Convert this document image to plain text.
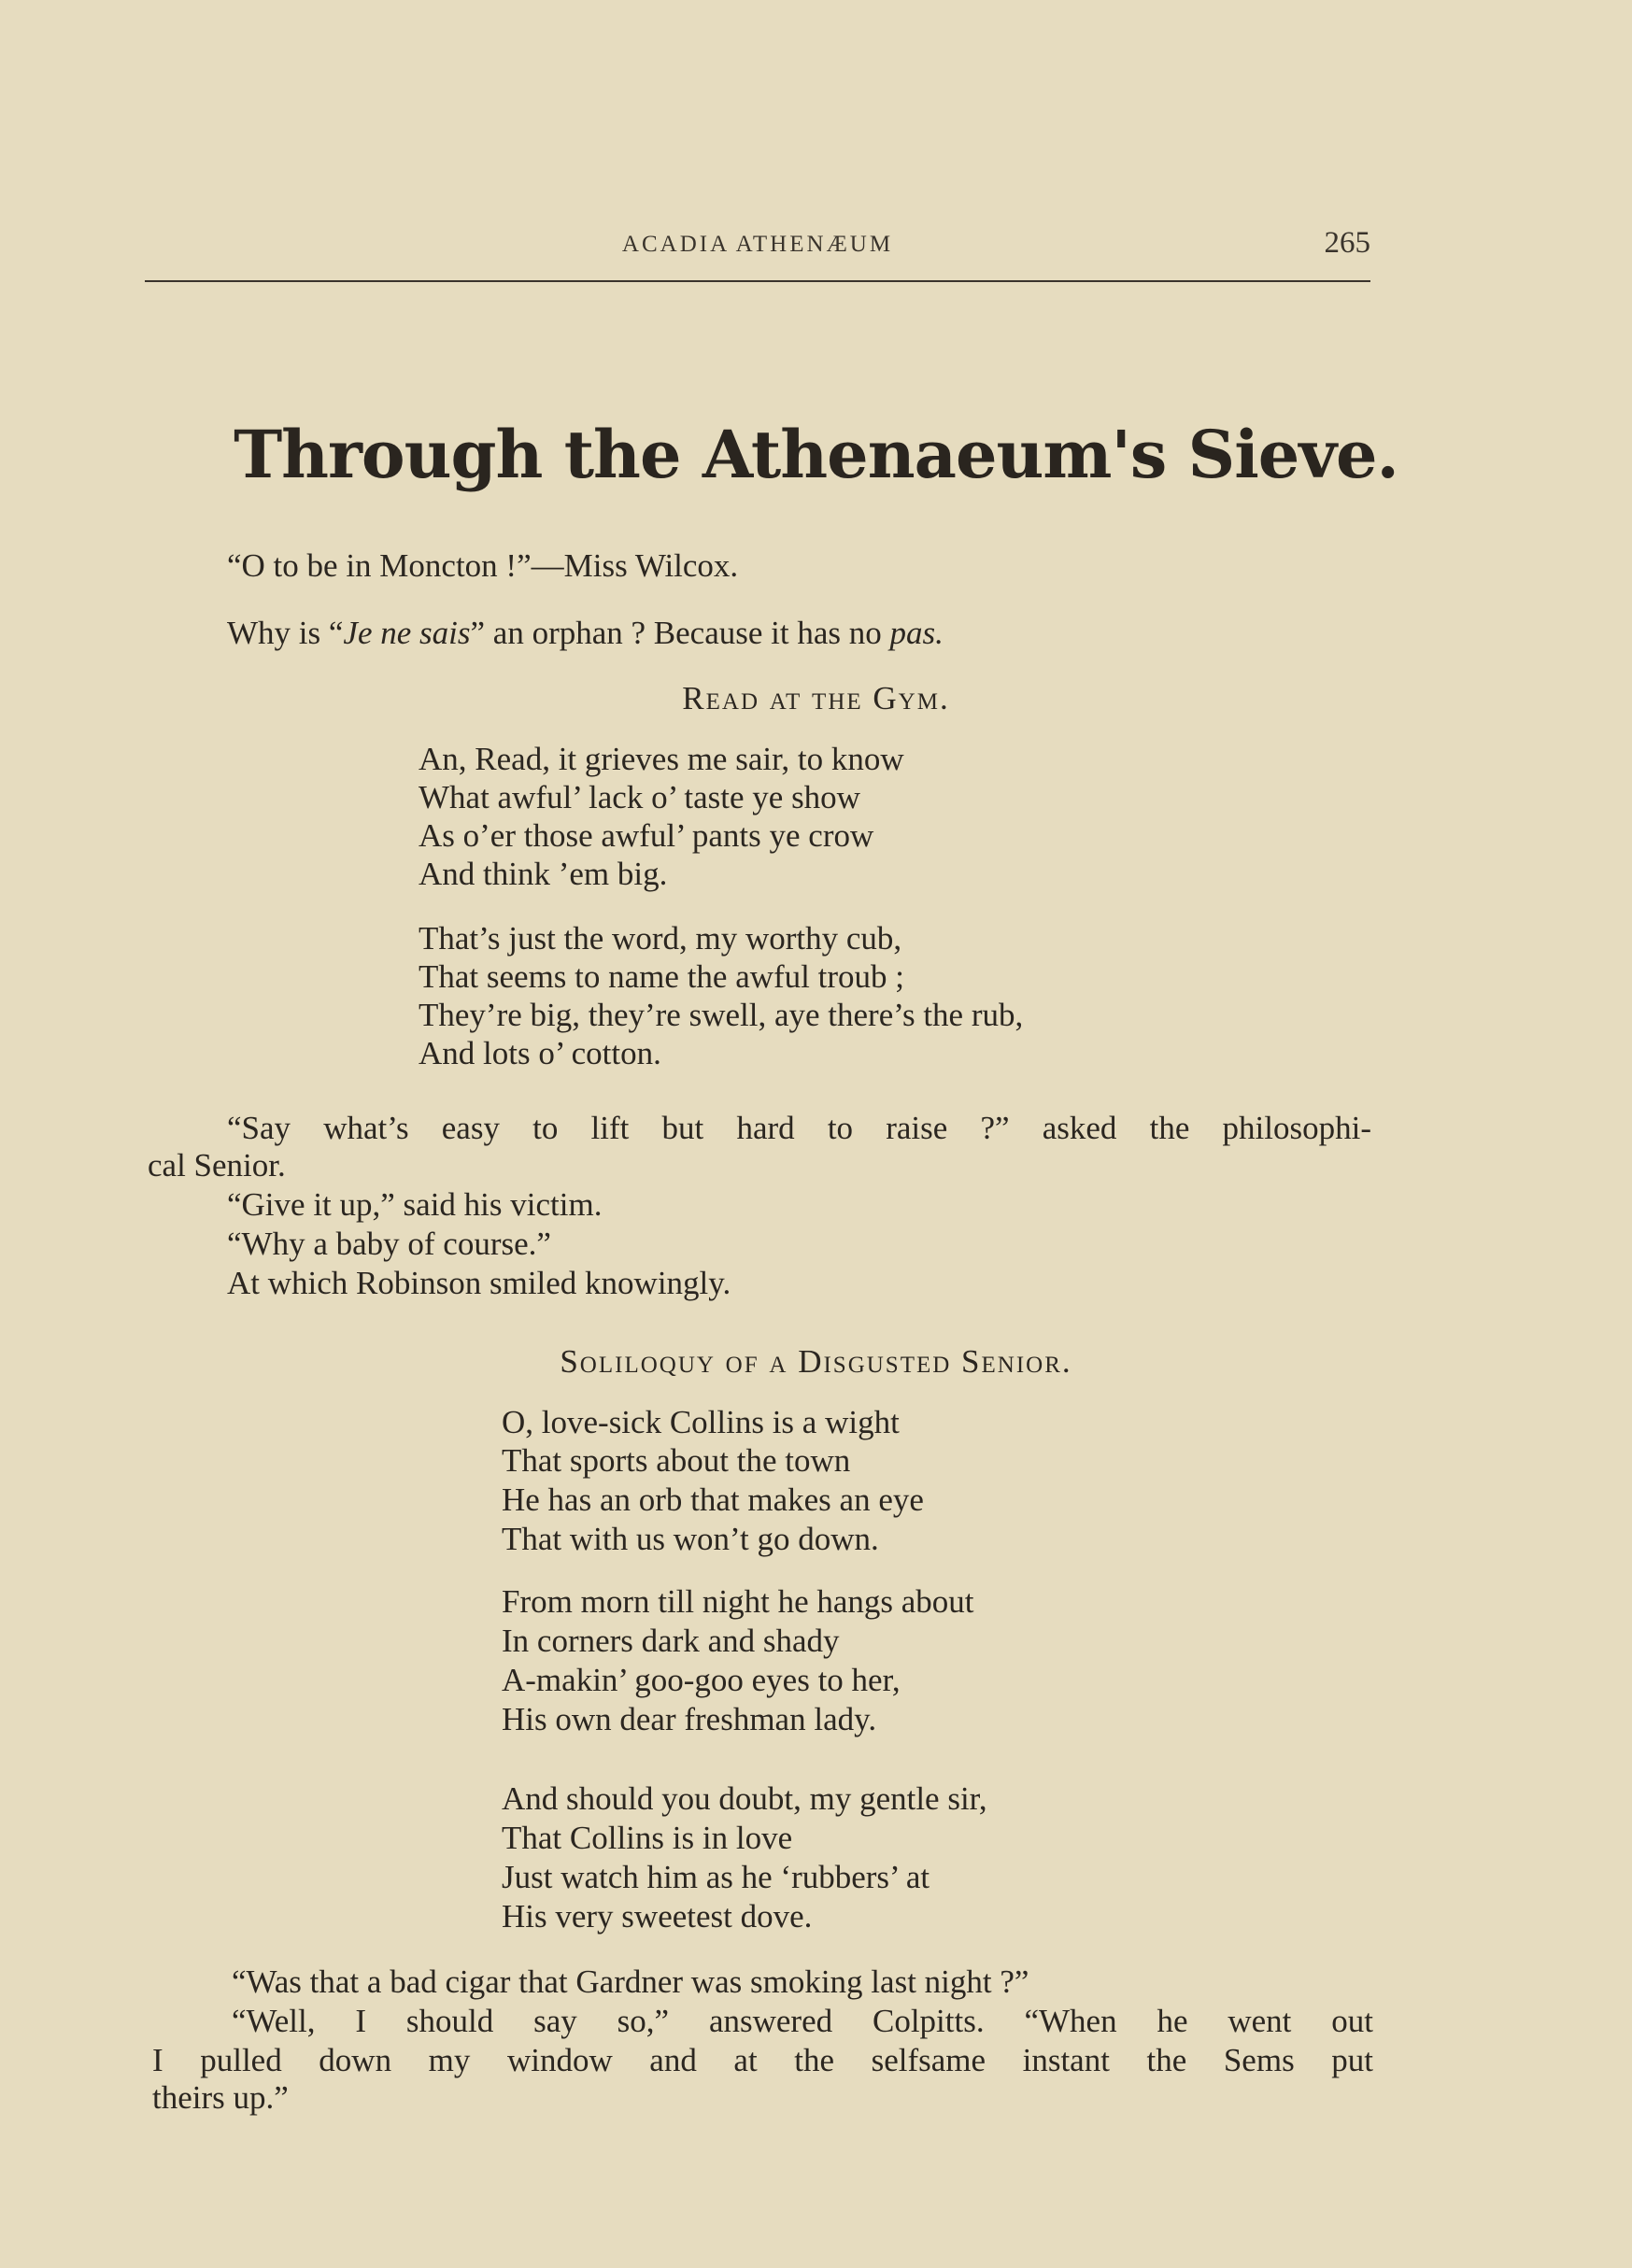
ACADIA ATHENÆUM	265
Through the Athenaeum's Sieve.
“O to be in Moncton !”—Miss Wilcox.
Why is “Je ne sais” an orphan ? Because it has no pas.
Read at the Gym.
An, Read, it grieves me sair, to know
What awful’ lack o’ taste ye show
As o’er those awful’ pants ye crow
And think ’em big.
That’s just the word, my worthy cub,
That seems to name the awful troub ;
They’re big, they’re swell, aye there’s the rub,
And lots o’ cotton.
“Say what’s easy to lift but hard to raise ?” asked the philosophi-
cal Senior.
“Give it up,” said his victim.
“Why a baby of course.”
At which Robinson smiled knowingly.
Soliloquy of a Disgusted Senior.
O, love-sick Collins is a wight
That sports about the town
He has an orb that makes an eye
That with us won’t go down.
From morn till night he hangs about
In corners dark and shady
A-makin’ goo-goo eyes to her,
His own dear freshman lady.
And should you doubt, my gentle sir,
That Collins is in love
Just watch him as he ‘rubbers’ at
His very sweetest dove.
“Was that a bad cigar that Gardner was smoking last night ?”
“Well, I should say so,” answered Colpitts. “When he went out
I pulled down my window and at the selfsame instant the Sems put
theirs up.”
